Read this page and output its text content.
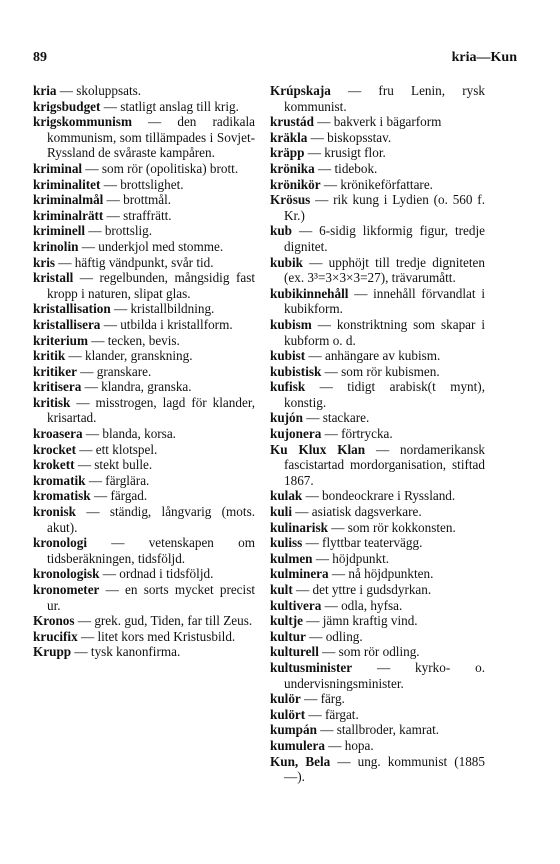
89	kria—Kun

kria — skoluppsats.

krigsbudget — statligt anslag till krig.

krigskommunism — den radikala kommunism, som tillämpades i Sovjet-Ryssland de svåraste kampåren.

kriminal — som rör (opolitiska) brott.

kriminalitet — brottslighet.

kriminalmål — brottmål.

kriminalrätt — straffrätt.

kriminell — brottslig.

krinolin — underkjol med stomme.

kris — häftig vändpunkt, svår tid.

kristall — regelbunden, mångsidig fast kropp i naturen, slipat glas.

kristallisation — kristallbildning.

kristallisera — utbilda i kristallform.

kriterium — tecken, bevis.

kritik — klander, granskning.

kritiker — granskare.

kritisera — klandra, granska.

kritisk — misstrogen, lagd för klander, krisartad.

kroasera — blanda, korsa.

krocket — ett klotspel.

krokett — stekt bulle.

kromatik — färglära.

kromatisk — färgad.

kronisk — ständig, långvarig (mots. akut).

kronologi — vetenskapen om tidsberäkningen, tidsföljd.

kronologisk — ordnad i tidsföljd.

kronometer — en sorts mycket precist ur.

Kronos — grek. gud, Tiden, far till Zeus.

krucifix — litet kors med Kristusbild.

Krupp — tysk kanonfirma.

Krúpskaja — fru Lenin, rysk kommunist.

krustád — bakverk i bägarform

kräkla — biskopsstav.

kräpp — krusigt flor.

krönika — tidebok.

krönikör — krönikeförfattare.

Krösus — rik kung i Lydien (o. 560 f. Kr.)

kub — 6-sidig likformig figur, tredje dignitet.

kubik — upphöjt till tredje digniteten (ex. 3³=3×3×3=27), trävarumått.

kubikinnehåll — innehåll förvandlat i kubikform.

kubism — konstriktning som skapar i kubform o. d.

kubist — anhängare av kubism.

kubistisk — som rör kubismen.

kufisk — tidigt arabisk(t mynt), konstig.

kujón — stackare.

kujonera — förtrycka.

Ku Klux Klan — nordamerikansk fascistartad mordorganisation, stiftad 1867.

kulak — bondeockrare i Ryssland.

kuli — asiatisk dagsverkare.

kulinarisk — som rör kokkonsten.

kuliss — flyttbar teatervägg.

kulmen — höjdpunkt.

kulminera — nå höjdpunkten.

kult — det yttre i gudsdyrkan.

kultivera — odla, hyfsa.

kultje — jämn kraftig vind.

kultur — odling.

kulturell — som rör odling.

kultusminister — kyrko- o. undervisningsminister.

kulör — färg.

kulört — färgat.

kumpán — stallbroder, kamrat.

kumulera — hopa.

Kun, Bela — ung. kommunist (1885—).
